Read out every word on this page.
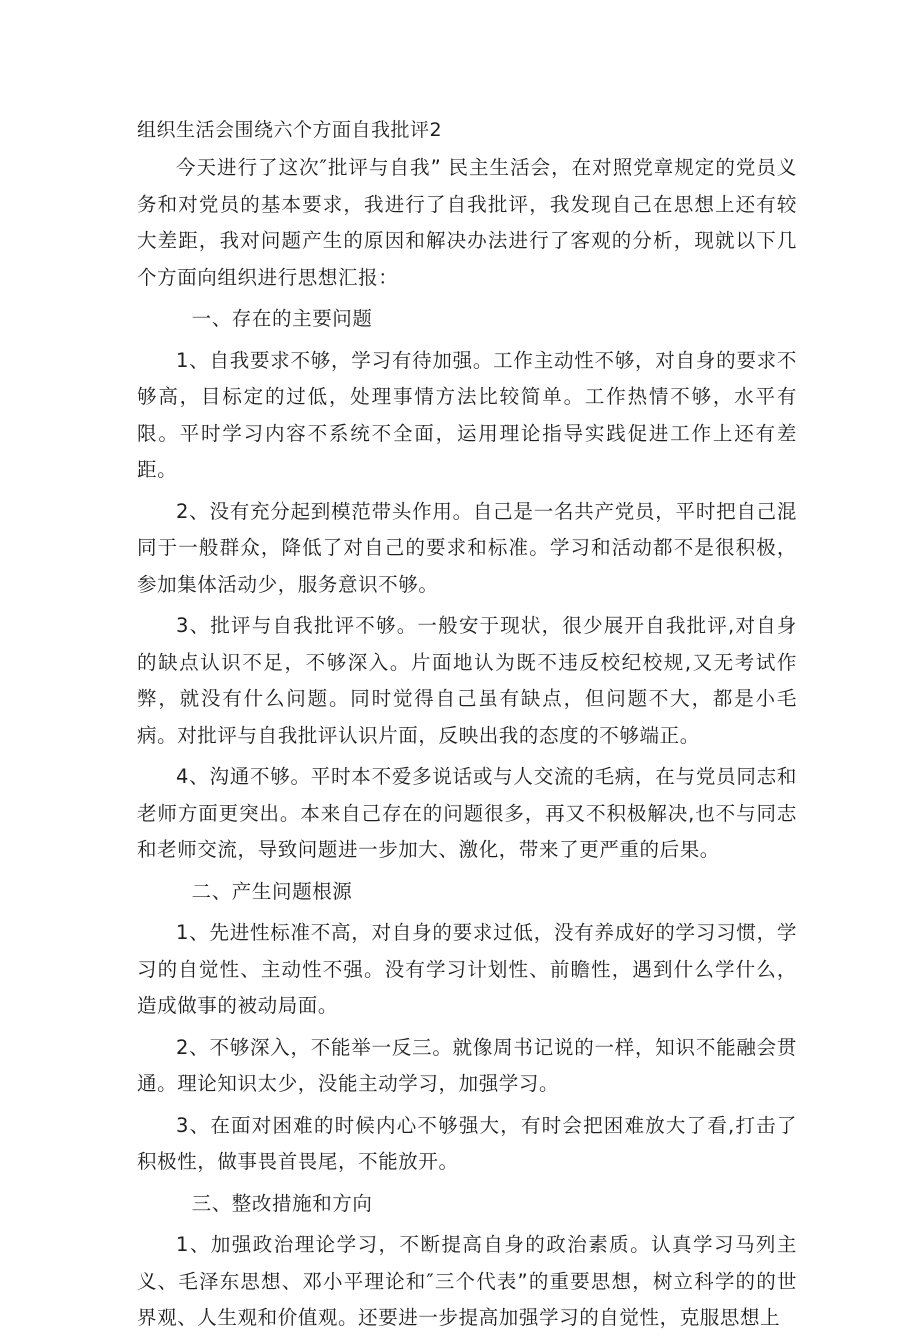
组织生活会围绕六个方面自我批评2

今天进行了这次″批评与自我” 民主生活会，在对照党章规定的党员义务和对党员的基本要求，我进行了自我批评，我发现自己在思想上还有较大差距，我对问题产生的原因和解决办法进行了客观的分析，现就以下几个方面向组织进行思想汇报：

一、存在的主要问题

1、自我要求不够，学习有待加强。工作主动性不够，对自身的要求不够高，目标定的过低，处理事情方法比较简单。工作热情不够，水平有限。平时学习内容不系统不全面，运用理论指导实践促进工作上还有差距。

2、没有充分起到模范带头作用。自己是一名共产党员，平时把自己混同于一般群众，降低了对自己的要求和标准。学习和活动都不是很积极，参加集体活动少，服务意识不够。

3、批评与自我批评不够。一般安于现状，很少展开自我批评,对自身的缺点认识不足，不够深入。片面地认为既不违反校纪校规,又无考试作弊，就没有什么问题。同时觉得自己虽有缺点，但问题不大，都是小毛病。对批评与自我批评认识片面，反映出我的态度的不够端正。

4、沟通不够。平时本不爱多说话或与人交流的毛病，在与党员同志和老师方面更突出。本来自己存在的问题很多，再又不积极解决,也不与同志和老师交流，导致问题进一步加大、激化，带来了更严重的后果。

二、产生问题根源

1、先进性标准不高，对自身的要求过低，没有养成好的学习习惯，学习的自觉性、主动性不强。没有学习计划性、前瞻性，遇到什么学什么，造成做事的被动局面。

2、不够深入，不能举一反三。就像周书记说的一样，知识不能融会贯通。理论知识太少，没能主动学习，加强学习。

3、在面对困难的时候内心不够强大，有时会把困难放大了看,打击了积极性，做事畏首畏尾，不能放开。

三、整改措施和方向

1、加强政治理论学习，不断提高自身的政治素质。认真学习马列主义、毛泽东思想、邓小平理论和″三个代表”的重要思想，树立科学的的世界观、人生观和价值观。还要进一步提高加强学习的自觉性，克服思想上
